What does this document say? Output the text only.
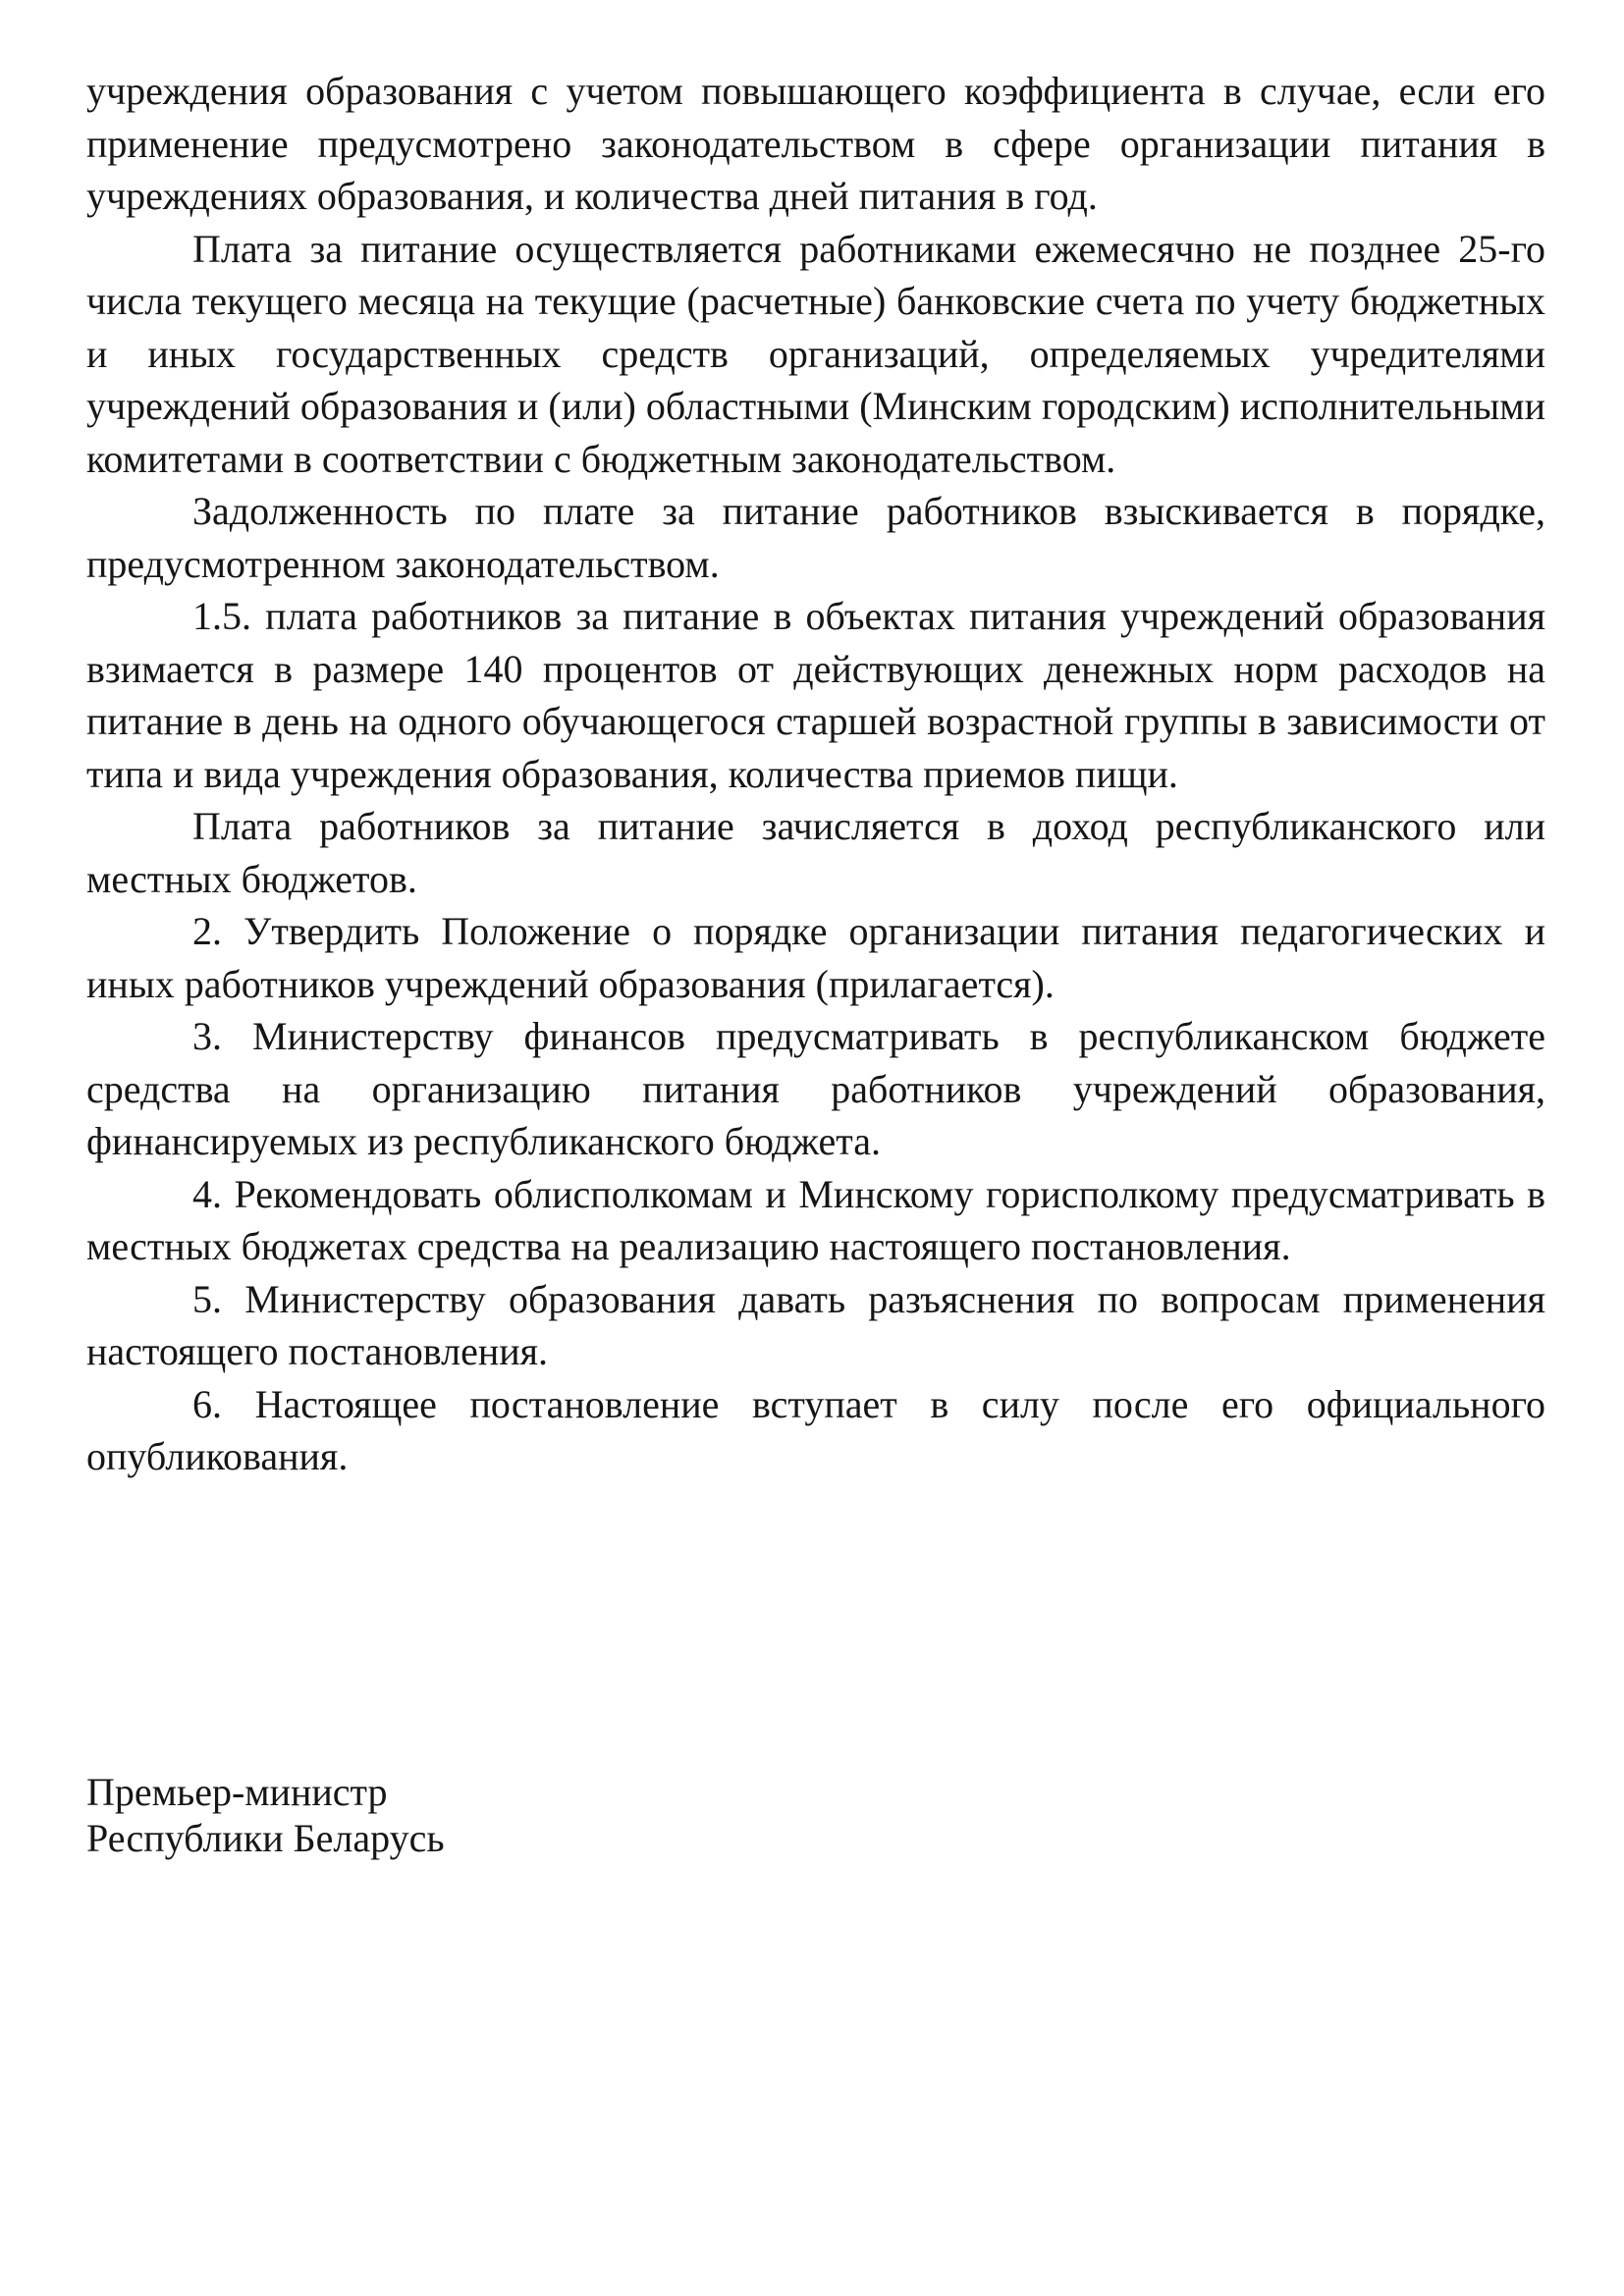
учреждения образования с учетом повышающего коэффициента в случае, если его применение предусмотрено законодательством в сфере организации питания в учреждениях образования, и количества дней питания в год.

Плата за питание осуществляется работниками ежемесячно не позднее 25-го числа текущего месяца на текущие (расчетные) банковские счета по учету бюджетных и иных государственных средств организаций, определяемых учредителями учреждений образования и (или) областными (Минским городским) исполнительными комитетами в соответствии с бюджетным законодательством.

Задолженность по плате за питание работников взыскивается в порядке, предусмотренном законодательством.

1.5. плата работников за питание в объектах питания учреждений образования взимается в размере 140 процентов от действующих денежных норм расходов на питание в день на одного обучающегося старшей возрастной группы в зависимости от типа и вида учреждения образования, количества приемов пищи.

Плата работников за питание зачисляется в доход республиканского или местных бюджетов.

2. Утвердить Положение о порядке организации питания педагогических и иных работников учреждений образования (прилагается).

3. Министерству финансов предусматривать в республиканском бюджете средства на организацию питания работников учреждений образования, финансируемых из республиканского бюджета.

4. Рекомендовать облисполкомам и Минскому горисполкому предусматривать в местных бюджетах средства на реализацию настоящего постановления.

5. Министерству образования давать разъяснения по вопросам применения настоящего постановления.

6. Настоящее постановление вступает в силу после его официального опубликования.

Премьер-министр
Республики Беларусь
